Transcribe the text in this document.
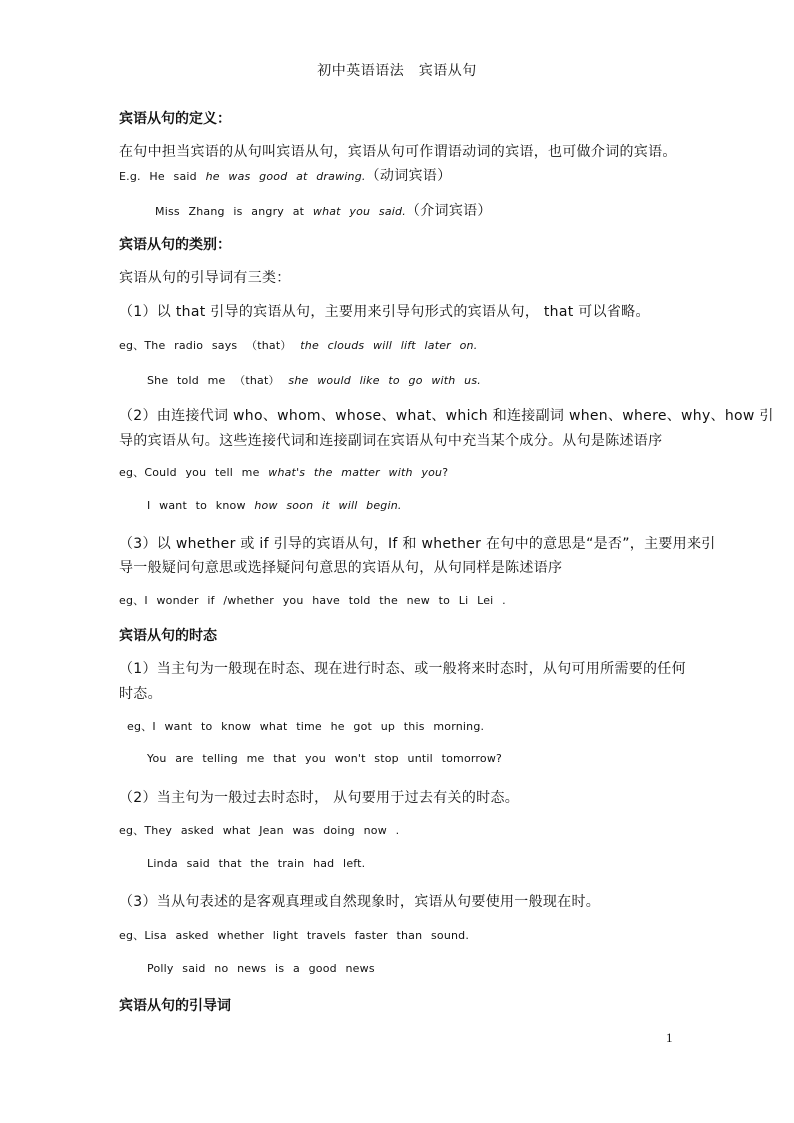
初中英语语法　宾语从句
宾语从句的定义：
在句中担当宾语的从句叫宾语从句，宾语从句可作谓语动词的宾语，也可做介词的宾语。
E.g. He said he was good at drawing.（动词宾语）
Miss Zhang is angry at what you said.（介词宾语）
宾语从句的类别：
宾语从句的引导词有三类：
（1）以 that 引导的宾语从句，主要用来引导句形式的宾语从句， that 可以省略。
eg、The radio says （that） the clouds will lift later on.
She told me （that） she would like to go with us.
（2）由连接代词 who、whom、whose、what、which 和连接副词 when、where、why、how 引
导的宾语从句。这些连接代词和连接副词在宾语从句中充当某个成分。从句是陈述语序
eg、Could you tell me what's the matter with you?
I want to know how soon it will begin.
（3）以 whether 或 if 引导的宾语从句，If 和 whether 在句中的意思是“是否”，主要用来引
导一般疑问句意思或选择疑问句意思的宾语从句，从句同样是陈述语序
eg、I wonder if /whether you have told the new to Li Lei .
宾语从句的时态
（1）当主句为一般现在时态、现在进行时态、或一般将来时态时，从句可用所需要的任何
时态。
eg、I want to know what time he got up this morning.
You are telling me that you won't stop until tomorrow?
（2）当主句为一般过去时态时， 从句要用于过去有关的时态。
eg、They asked what Jean was doing now .
Linda said that the train had left.
（3）当从句表述的是客观真理或自然现象时，宾语从句要使用一般现在时。
eg、Lisa asked whether light travels faster than sound.
Polly said no news is a good news
宾语从句的引导词
1
